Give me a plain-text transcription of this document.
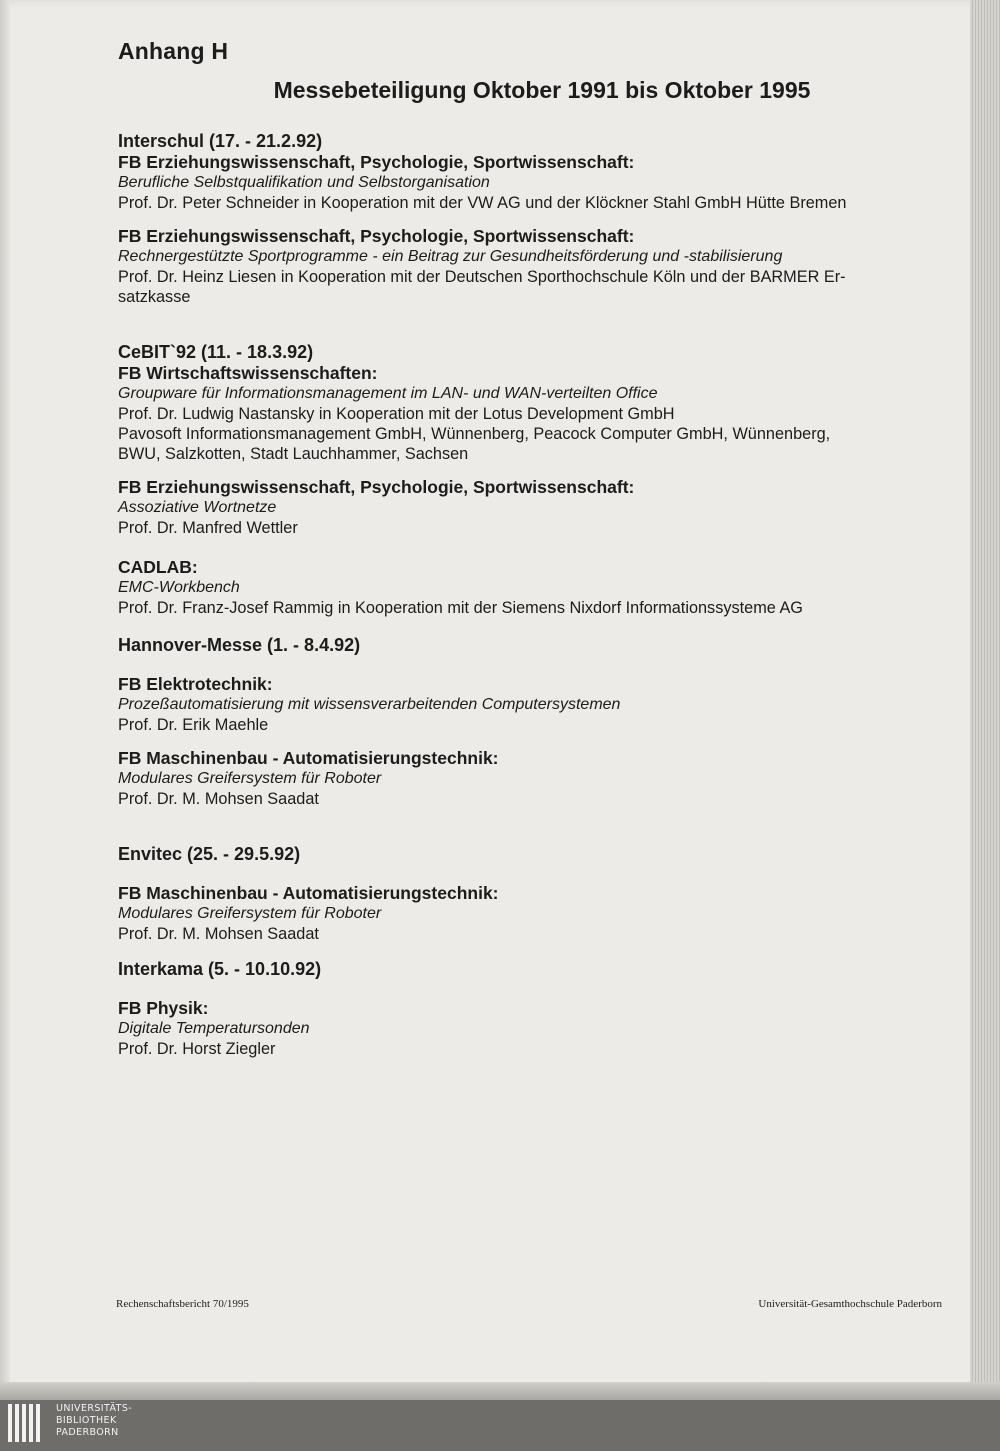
Anhang H
Messebeteiligung Oktober 1991 bis Oktober 1995
Interschul (17. - 21.2.92)
FB Erziehungswissenschaft, Psychologie, Sportwissenschaft:
Berufliche Selbstqualifikation und Selbstorganisation
Prof. Dr. Peter Schneider in Kooperation mit der VW AG und der Klöckner Stahl GmbH Hütte Bremen
FB Erziehungswissenschaft, Psychologie, Sportwissenschaft:
Rechnergestützte Sportprogramme - ein Beitrag zur Gesundheitsförderung und -stabilisierung
Prof. Dr. Heinz Liesen in Kooperation mit der Deutschen Sporthochschule Köln und der BARMER Er-
satzkasse
CeBIT`92 (11. - 18.3.92)
FB Wirtschaftswissenschaften:
Groupware für Informationsmanagement im LAN- und WAN-verteilten Office
Prof. Dr. Ludwig Nastansky in Kooperation mit der Lotus Development GmbH
Pavosoft Informationsmanagement GmbH, Wünnenberg, Peacock Computer GmbH, Wünnenberg,
BWU, Salzkotten, Stadt Lauchhammer, Sachsen
FB Erziehungswissenschaft, Psychologie, Sportwissenschaft:
Assoziative Wortnetze
Prof. Dr. Manfred Wettler
CADLAB:
EMC-Workbench
Prof. Dr. Franz-Josef Rammig in Kooperation mit der Siemens Nixdorf Informationssysteme AG
Hannover-Messe (1. - 8.4.92)
FB Elektrotechnik:
Prozeßautomatisierung mit wissensverarbeitenden Computersystemen
Prof. Dr. Erik Maehle
FB Maschinenbau - Automatisierungstechnik:
Modulares Greifersystem für Roboter
Prof. Dr. M. Mohsen Saadat
Envitec (25. - 29.5.92)
FB Maschinenbau - Automatisierungstechnik:
Modulares Greifersystem für Roboter
Prof. Dr. M. Mohsen Saadat
Interkama (5. - 10.10.92)
FB Physik:
Digitale Temperatursonden
Prof. Dr. Horst Ziegler
Rechenschaftsbericht 70/1995	Universität-Gesamthochschule Paderborn
UNIVERSITÄTS-
BIBLIOTHEK
PADERBORN
